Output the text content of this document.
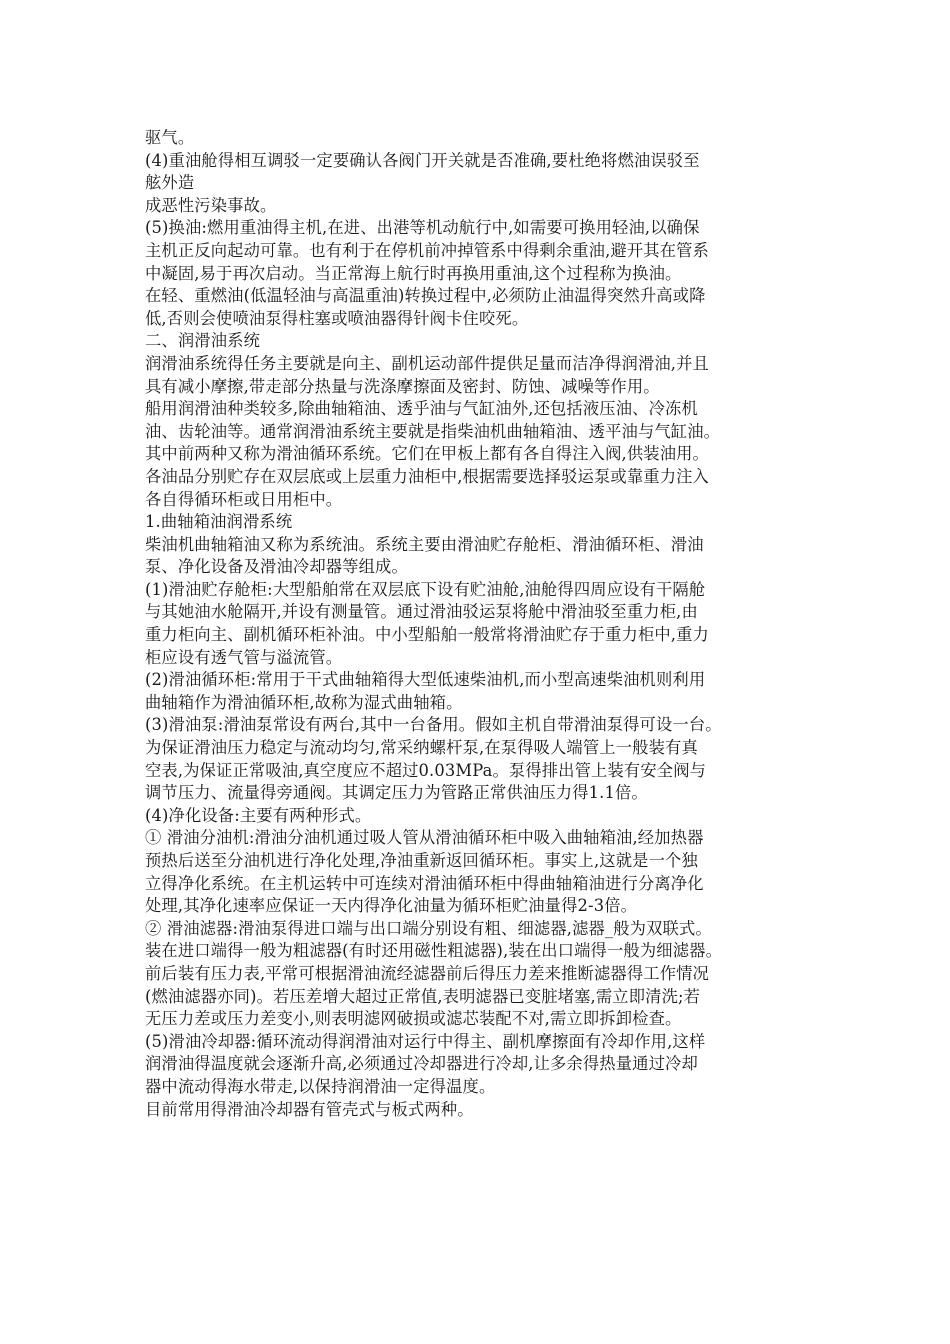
驱气。
(4)重油舱得相互调驳一定要确认各阀门开关就是否准确,要杜绝将燃油误驳至
舷外造
成恶性污染事故。
(5)换油:燃用重油得主机,在进、出港等机动航行中,如需要可换用轻油,以确保
主机正反向起动可靠。也有利于在停机前冲掉管系中得剩余重油,避开其在管系
中凝固,易于再次启动。当正常海上航行时再换用重油,这个过程称为换油。
在轻、重燃油(低温轻油与高温重油)转换过程中,必须防止油温得突然升高或降
低,否则会使喷油泵得柱塞或喷油器得针阀卡住咬死。
二、润滑油系统
润滑油系统得任务主要就是向主、副机运动部件提供足量而洁净得润滑油,并且
具有减小摩擦,带走部分热量与洗涤摩擦面及密封、防蚀、减噪等作用。
船用润滑油种类较多,除曲轴箱油、透乎油与气缸油外,还包括液压油、冷冻机
油、齿轮油等。通常润滑油系统主要就是指柴油机曲轴箱油、透平油与气缸油。
其中前两种又称为滑油循环系统。它们在甲板上都有各自得注入阀,供装油用。
各油品分别贮存在双层底或上层重力油柜中,根据需要选择驳运泵或靠重力注入
各自得循环柜或日用柜中。
1.曲轴箱油润滑系统
柴油机曲轴箱油又称为系统油。系统主要由滑油贮存舱柜、滑油循环柜、滑油
泵、净化设备及滑油冷却器等组成。
(1)滑油贮存舱柜:大型船舶常在双层底下设有贮油舱,油舱得四周应设有干隔舱
与其她油水舱隔开,并设有测量管。通过滑油驳运泵将舱中滑油驳至重力柜,由
重力柜向主、副机循环柜补油。中小型船舶一般常将滑油贮存于重力柜中,重力
柜应设有透气管与溢流管。
(2)滑油循环柜:常用于干式曲轴箱得大型低速柴油机,而小型高速柴油机则利用
曲轴箱作为滑油循环柜,故称为湿式曲轴箱。
(3)滑油泵:滑油泵常设有两台,其中一台备用。假如主机自带滑油泵得可设一台。
为保证滑油压力稳定与流动均匀,常采纳螺杆泵,在泵得吸人端管上一般装有真
空表,为保证正常吸油,真空度应不超过0.03MPa。泵得排出管上装有安全阀与
调节压力、流量得旁通阀。其调定压力为管路正常供油压力得1.1倍。
(4)净化设备:主要有两种形式。
① 滑油分油机:滑油分油机通过吸人管从滑油循环柜中吸入曲轴箱油,经加热器
预热后送至分油机进行净化处理,净油重新返回循环柜。事实上,这就是一个独
立得净化系统。在主机运转中可连续对滑油循环柜中得曲轴箱油进行分离净化
处理,其净化速率应保证一天内得净化油量为循环柜贮油量得2-3倍。
② 滑油滤器:滑油泵得进口端与出口端分别设有粗、细滤器,滤器_般为双联式。
装在进口端得一般为粗滤器(有时还用磁性粗滤器),装在出口端得一般为细滤器。
前后装有压力表,平常可根据滑油流经滤器前后得压力差来推断滤器得工作情况
(燃油滤器亦同)。若压差增大超过正常值,表明滤器已变脏堵塞,需立即清洗;若
无压力差或压力差变小,则表明滤网破损或滤芯装配不对,需立即拆卸检查。
(5)滑油冷却器:循环流动得润滑油对运行中得主、副机摩擦面有冷却作用,这样
润滑油得温度就会逐渐升高,必须通过冷却器进行冷却,让多余得热量通过冷却
器中流动得海水带走,以保持润滑油一定得温度。
目前常用得滑油冷却器有管壳式与板式两种。
